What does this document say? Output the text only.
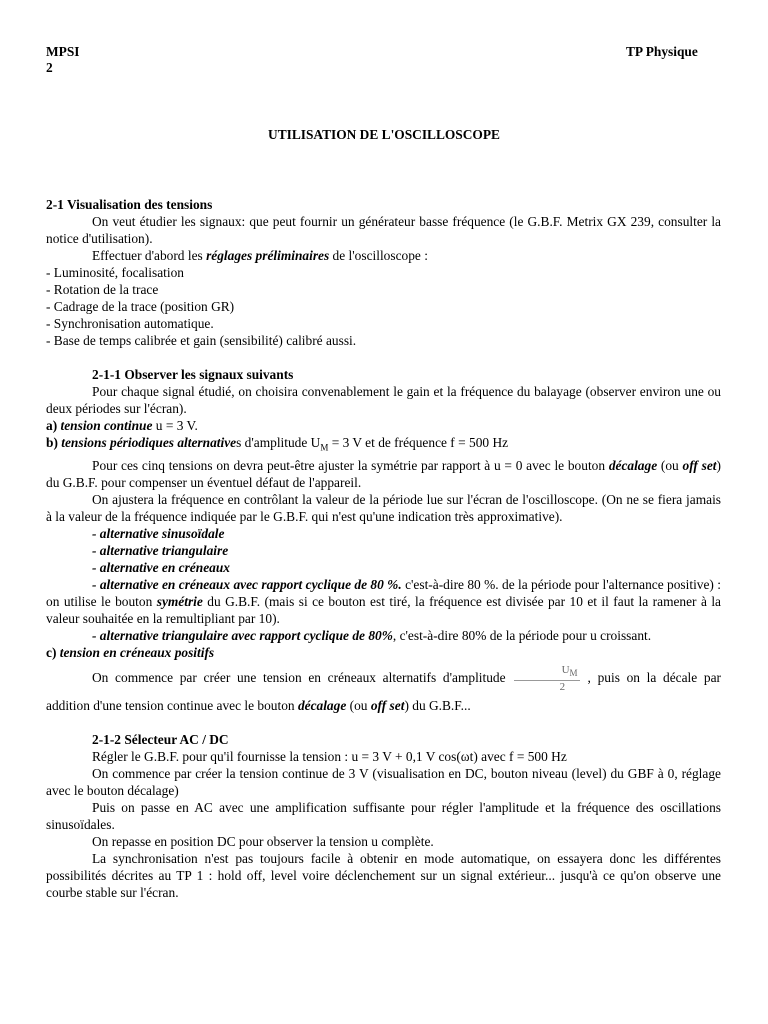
MPSI
2
TP Physique
UTILISATION DE L'OSCILLOSCOPE
2-1 Visualisation des tensions

On veut étudier les signaux: que peut fournir un générateur basse fréquence (le G.B.F. Metrix GX 239, consulter la notice d'utilisation).

Effectuer d'abord les réglages préliminaires de l'oscilloscope :

- Luminosité, focalisation
- Rotation de la trace
- Cadrage de la trace (position GR)
- Synchronisation automatique.
- Base de temps calibrée et gain (sensibilité) calibré aussi.
2-1-1 Observer les signaux suivants

Pour chaque signal étudié, on choisira convenablement le gain et la fréquence du balayage (observer environ une ou deux périodes sur l'écran).

a) tension continue u = 3 V.
b) tensions périodiques alternatives d'amplitude $U_M = 3$ V et de fréquence f = 500 Hz

Pour ces cinq tensions on devra peut-être ajuster la symétrie par rapport à u = 0 avec le bouton décalage (ou off set) du G.B.F. pour compenser un éventuel défaut de l'appareil.

On ajustera la fréquence en contrôlant la valeur de la période lue sur l'écran de l'oscilloscope. (On ne se fiera jamais à la valeur de la fréquence indiquée par le G.B.F. qui n'est qu'une indication très approximative).

- alternative sinusoïdale
- alternative triangulaire
- alternative en créneaux

- alternative en créneaux avec rapport cyclique de 80 %. c'est-à-dire 80 %. de la période pour l'alternance positive) : on utilise le bouton symétrie du G.B.F. (mais si ce bouton est tiré, la fréquence est divisée par 10 et il faut la ramener à la valeur souhaitée en la remultipliant par 10).

- alternative triangulaire avec rapport cyclique de 80%, c'est-à-dire 80% de la période pour u croissant.

c) tension en créneaux positifs

On commence par créer une tension en créneaux alternatifs d'amplitude $\frac{U_M}{2}$ , puis on la décale par

addition d'une tension continue avec le bouton décalage (ou off set) du G.B.F...

2-1-2 Sélecteur AC / DC

Régler le G.B.F. pour qu'il fournisse la tension : u = 3 V + 0,1 V cos(ωt) avec f = 500 Hz

On commence par créer la tension continue de 3 V (visualisation en DC, bouton niveau (level) du GBF à 0, réglage avec le bouton décalage)

Puis on passe en AC avec une amplification suffisante pour régler l'amplitude et la fréquence des oscillations sinusoïdales.

On repasse en position DC pour observer la tension u complète.

La synchronisation n'est pas toujours facile à obtenir en mode automatique, on essayera donc les différentes possibilités décrites au TP 1 : hold off, level voire déclenchement sur un signal extérieur... jusqu'à ce qu'on observe une courbe stable sur l'écran.
